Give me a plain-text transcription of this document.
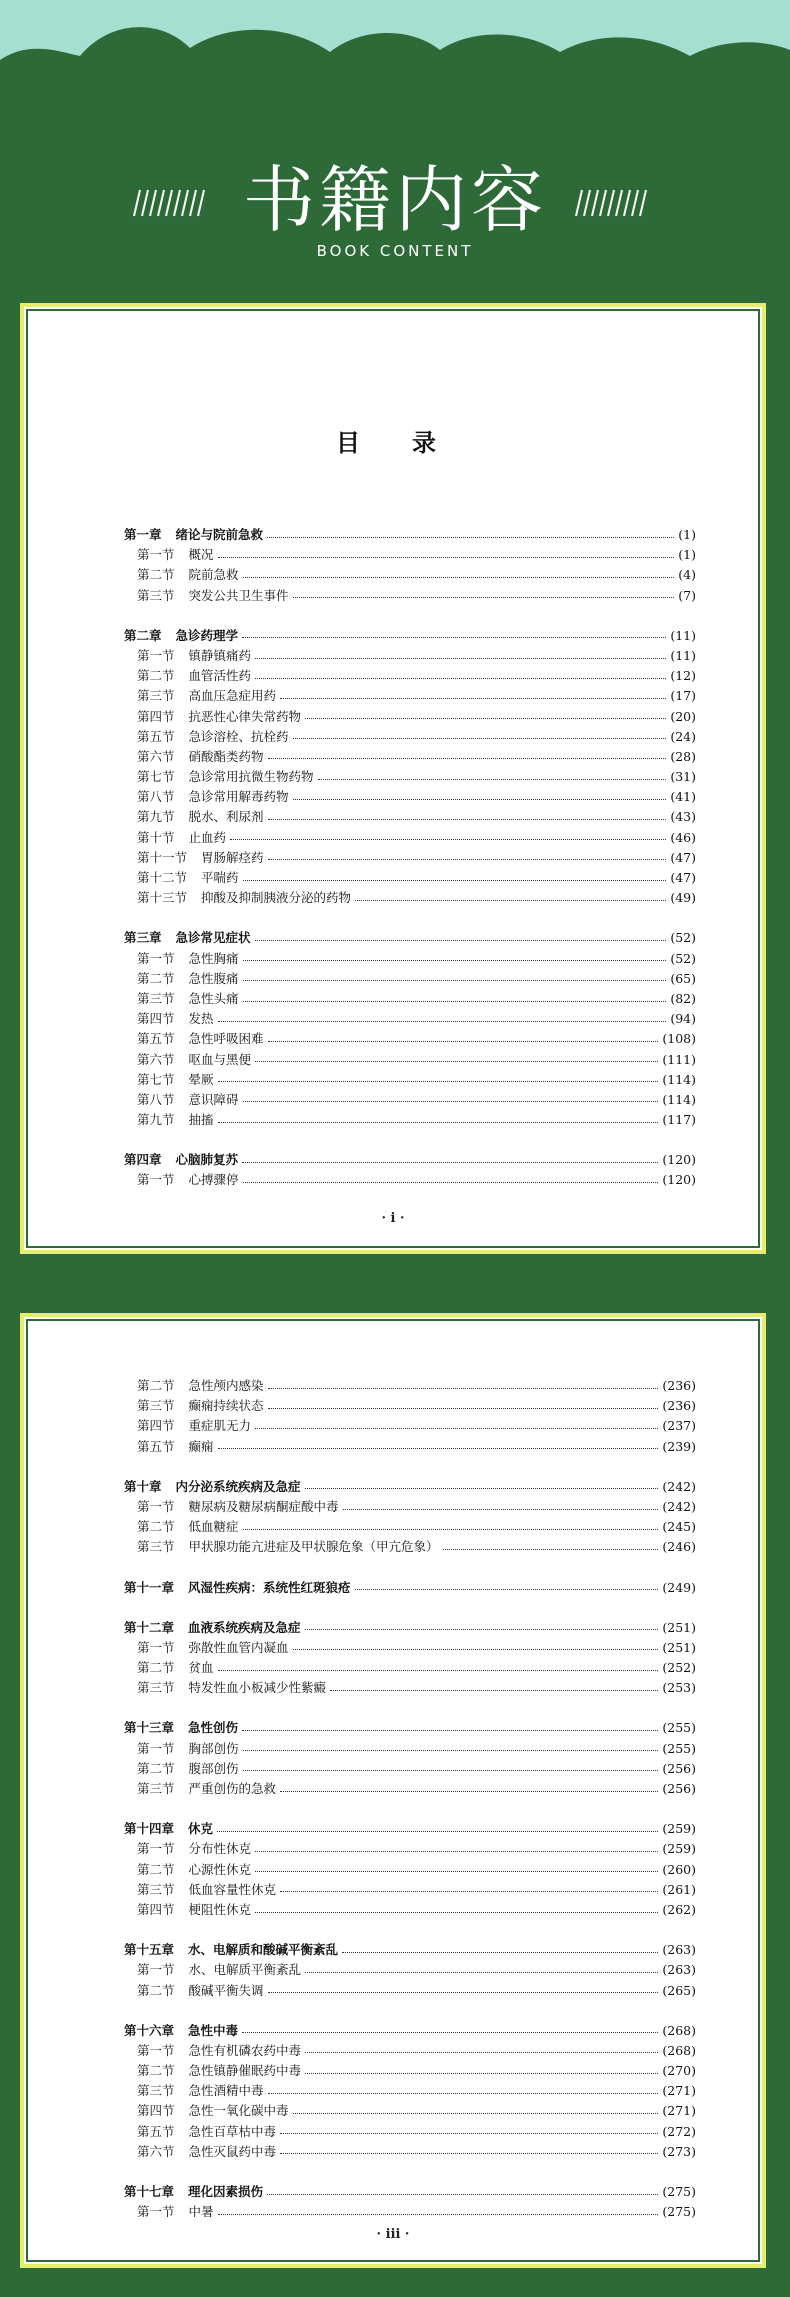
书籍内容
BOOK CONTENT
目　录
第一章 绪论与院前急救	(1)
第一节 概况	(1)
第二节 院前急救	(4)
第三节 突发公共卫生事件	(7)
第二章 急诊药理学	(11)
第一节 镇静镇痛药	(11)
第二节 血管活性药	(12)
第三节 高血压急症用药	(17)
第四节 抗恶性心律失常药物	(20)
第五节 急诊溶栓、抗栓药	(24)
第六节 硝酸酯类药物	(28)
第七节 急诊常用抗微生物药物	(31)
第八节 急诊常用解毒药物	(41)
第九节 脱水、利尿剂	(43)
第十节 止血药	(46)
第十一节 胃肠解痉药	(47)
第十二节 平喘药	(47)
第十三节 抑酸及抑制胰液分泌的药物	(49)
第三章 急诊常见症状	(52)
第一节 急性胸痛	(52)
第二节 急性腹痛	(65)
第三节 急性头痛	(82)
第四节 发热	(94)
第五节 急性呼吸困难	(108)
第六节 呕血与黑便	(111)
第七节 晕厥	(114)
第八节 意识障碍	(114)
第九节 抽搐	(117)
第四章 心脑肺复苏	(120)
第一节 心搏骤停	(120)
· ⅰ ·
第二节 急性颅内感染	(236)
第三节 癫痫持续状态	(236)
第四节 重症肌无力	(237)
第五节 癫痫	(239)
第十章 内分泌系统疾病及急症	(242)
第一节 糖尿病及糖尿病酮症酸中毒	(242)
第二节 低血糖症	(245)
第三节 甲状腺功能亢进症及甲状腺危象（甲亢危象）	(246)
第十一章 风湿性疾病：系统性红斑狼疮	(249)
第十二章 血液系统疾病及急症	(251)
第一节 弥散性血管内凝血	(251)
第二节 贫血	(252)
第三节 特发性血小板减少性紫癜	(253)
第十三章 急性创伤	(255)
第一节 胸部创伤	(255)
第二节 腹部创伤	(256)
第三节 严重创伤的急救	(256)
第十四章 休克	(259)
第一节 分布性休克	(259)
第二节 心源性休克	(260)
第三节 低血容量性休克	(261)
第四节 梗阻性休克	(262)
第十五章 水、电解质和酸碱平衡紊乱	(263)
第一节 水、电解质平衡紊乱	(263)
第二节 酸碱平衡失调	(265)
第十六章 急性中毒	(268)
第一节 急性有机磷农药中毒	(268)
第二节 急性镇静催眠药中毒	(270)
第三节 急性酒精中毒	(271)
第四节 急性一氧化碳中毒	(271)
第五节 急性百草枯中毒	(272)
第六节 急性灭鼠药中毒	(273)
第十七章 理化因素损伤	(275)
第一节 中暑	(275)
· ⅲ ·
